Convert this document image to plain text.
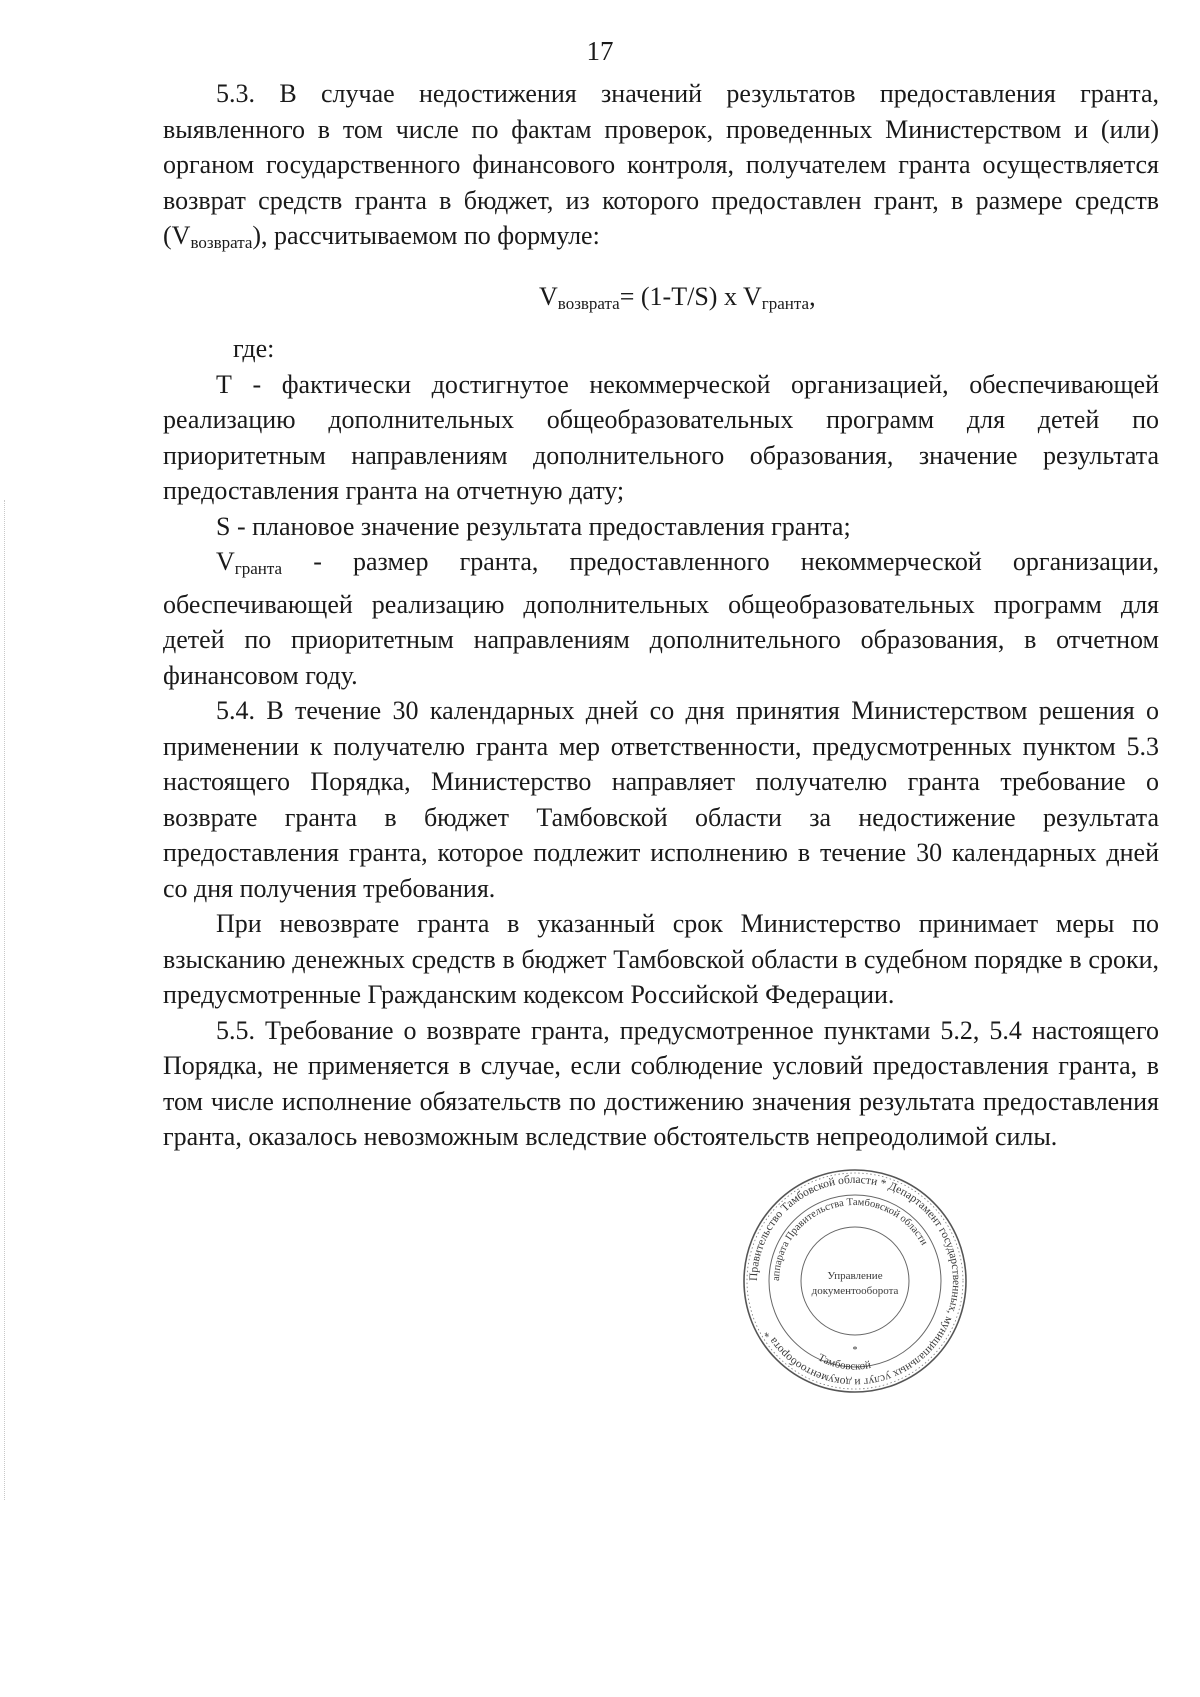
17

5.3. В случае недостижения значений результатов предоставления гранта, выявленного в том числе по фактам проверок, проведенных Министерством и (или) органом государственного финансового контроля, получателем гранта осуществляется возврат средств гранта в бюджет, из которого предоставлен грант, в размере средств $(V_{возврата})$, рассчитываемом по формуле:

$V_{возврата}= (1-T/S)$ x $V_{гранта}$,

где:

Т - фактически достигнутое некоммерческой организацией, обеспечивающей реализацию дополнительных общеобразовательных программ для детей по приоритетным направлениям дополнительного образования, значение результата предоставления гранта на отчетную дату;

S - плановое значение результата предоставления гранта;

$V_{гранта}$ - размер гранта, предоставленного некоммерческой организации, обеспечивающей реализацию дополнительных общеобразовательных программ для детей по приоритетным направлениям дополнительного образования, в отчетном финансовом году.

5.4. В течение 30 календарных дней со дня принятия Министерством решения о применении к получателю гранта мер ответственности, предусмотренных пунктом 5.3 настоящего Порядка, Министерство направляет получателю гранта требование о возврате гранта в бюджет Тамбовской области за недостижение результата предоставления гранта, которое подлежит исполнению в течение 30 календарных дней со дня получения требования.

При невозврате гранта в указанный срок Министерство принимает меры по взысканию денежных средств в бюджет Тамбовской области в судебном порядке в сроки, предусмотренные Гражданским кодексом Российской Федерации.

5.5. Требование о возврате гранта, предусмотренное пунктами 5.2, 5.4 настоящего Порядка, не применяется в случае, если соблюдение условий предоставления гранта, в том числе исполнение обязательств по достижению значения результата предоставления гранта, оказалось невозможным вследствие обстоятельств непреодолимой силы.

Правительство Тамбовской области * Департамент государственных, муниципальных услуг и документооборота *
аппарата Правительства Тамбовской области
Управление
документооборота
Тамбовской
*
